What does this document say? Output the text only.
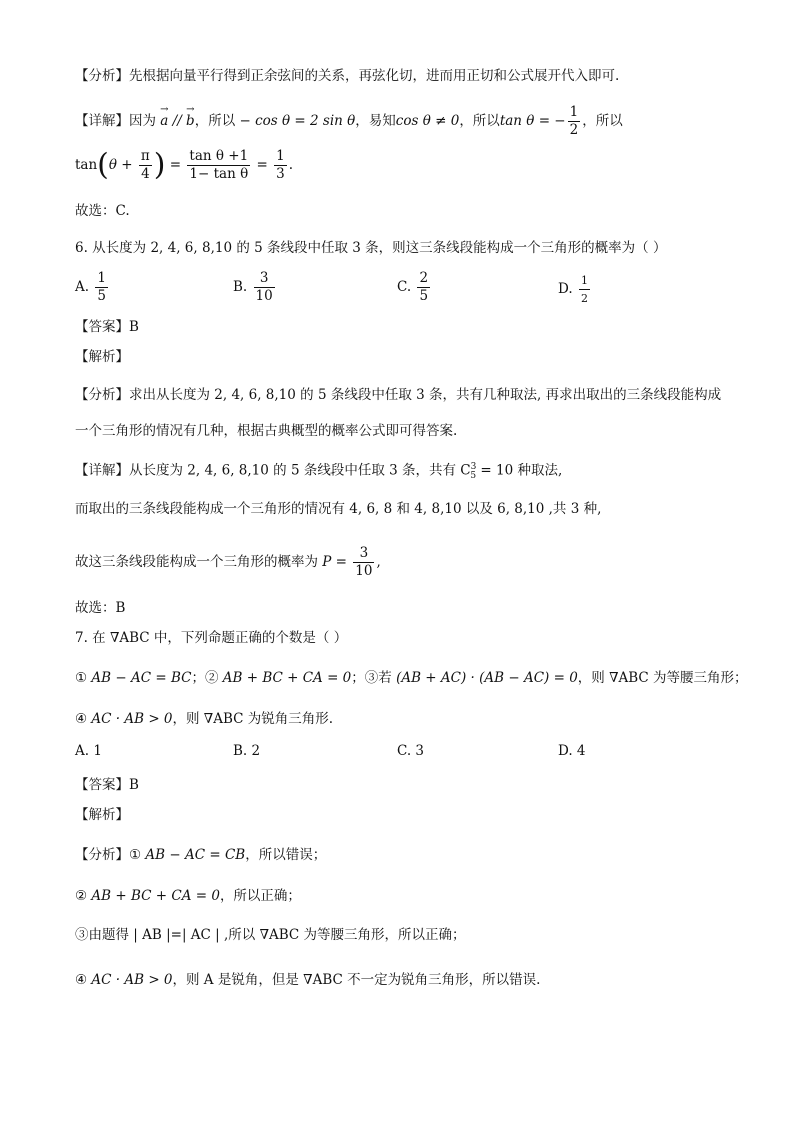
【分析】先根据向量平行得到正余弦间的关系，再弦化切，进而用正切和公式展开代入即可.
【详解】因为 → a // → b，所以 − cos θ = 2 sin θ，易知cos θ ≠ 0，所以tan θ = − $\frac{1}{2}$ ，所以
$\tan(\theta + \frac{\pi}{4}$ ) = $\frac{\text{tan θ +1}}{\text{1− tan θ}} = \frac{1}{3}$ .
故选：C.
6. 从长度为 2, 4, 6, 8,10 的 5 条线段中任取 3 条，则这三条线段能构成一个三角形的概率为（ ）
A. $\frac{1}{5}$	B. $\frac{3}{10}$	C. $\frac{2}{5}$	D. $\frac{1}{2}$
【答案】B
【解析】
【分析】求出从长度为 2, 4, 6, 8,10 的 5 条线段中任取 3 条，共有几种取法, 再求出取出的三条线段能构成
一个三角形的情况有几种，根据古典概型的概率公式即可得答案.
【详解】从长度为 2, 4, 6, 8,10 的 5 条线段中任取 3 条，共有 $C^3_5 = 10$ 种取法,
而取出的三条线段能构成一个三角形的情况有 4, 6, 8 和 4, 8,10 以及 6, 8,10 ,共 3 种,
故这三条线段能构成一个三角形的概率为 $P = \frac{3}{10}$ ,
故选：B
7. 在 ∇ABC 中，下列命题正确的个数是（ ）
① AB − AC = BC；② AB + BC + CA = 0；③若 (AB + AC) · (AB − AC) = 0，则 ∇ABC 为等腰三角形；
④ AC · AB > 0，则 ∇ABC 为锐角三角形.
A. 1	B. 2	C. 3	D. 4
【答案】B
【解析】
【分析】① AB − AC = CB，所以错误；
② AB + BC + CA = 0，所以正确；
③由题得 | AB |=| AC | ,所以 ∇ABC 为等腰三角形，所以正确；
④ AC · AB > 0，则 A 是锐角，但是 ∇ABC 不一定为锐角三角形，所以错误.
